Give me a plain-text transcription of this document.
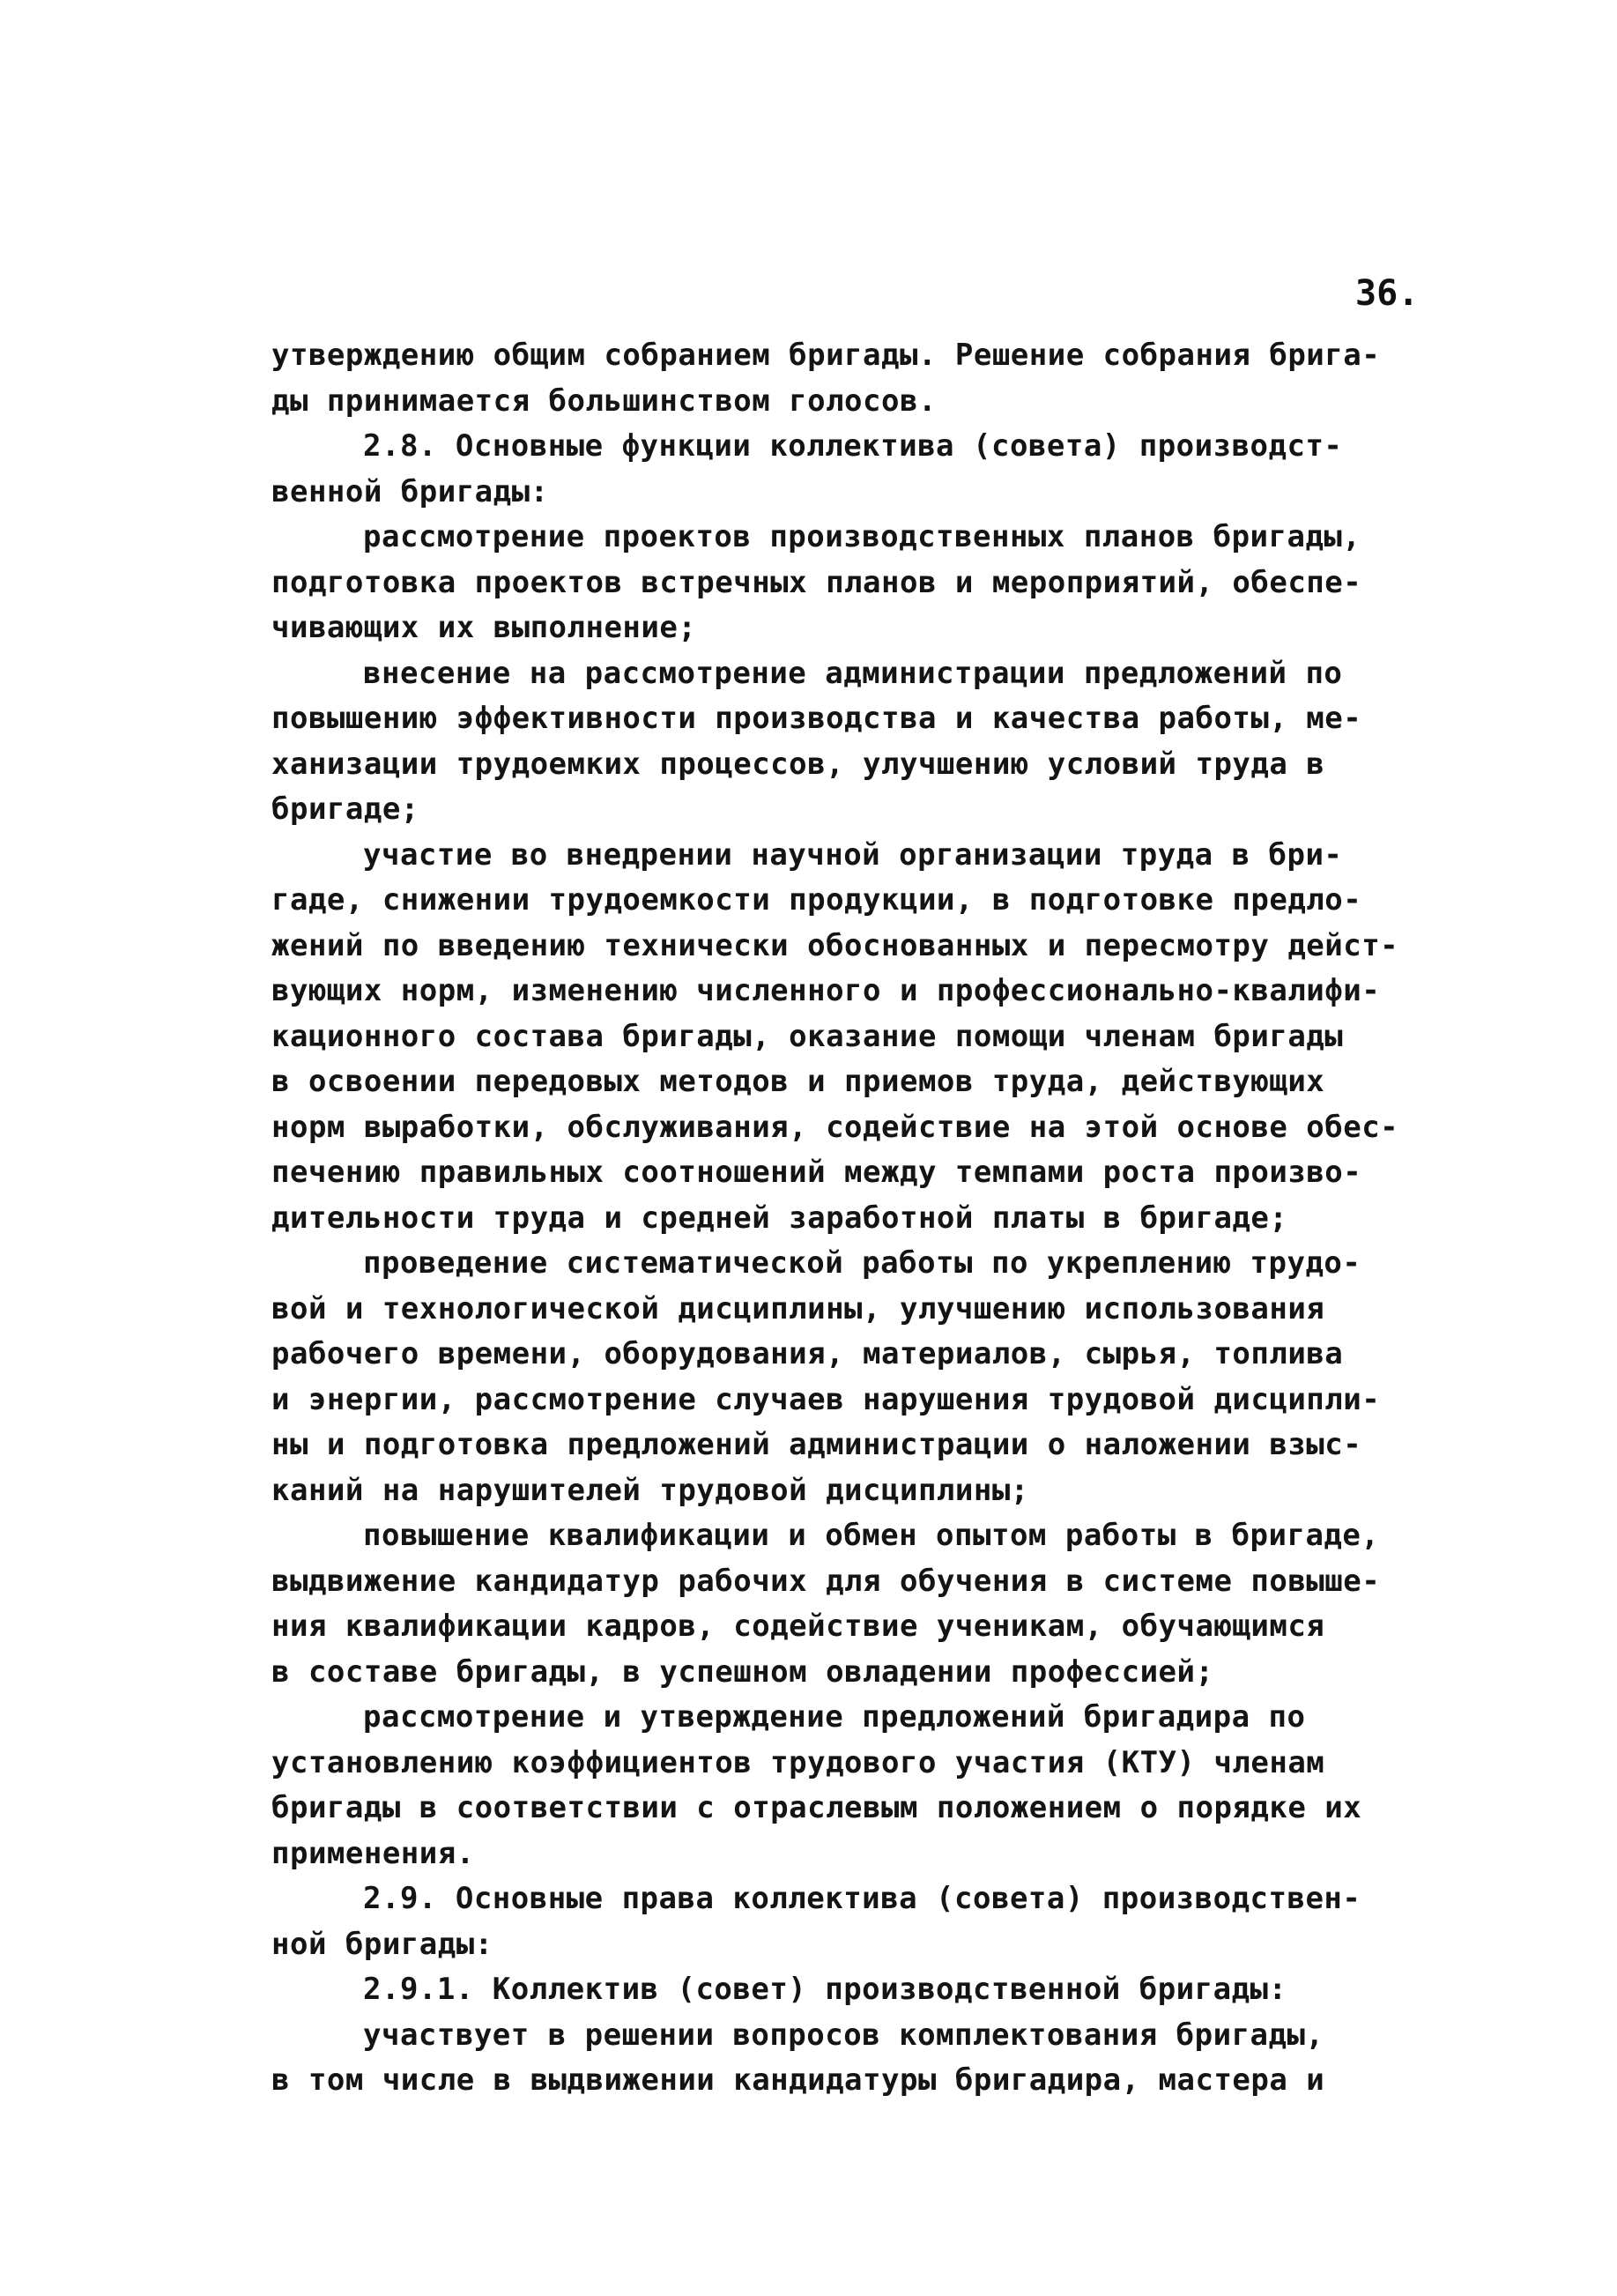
36.
утверждению общим собранием бригады. Решение собрания брига-
ды принимается большинством голосов.
2.8. Основные функции коллектива (совета) производст-
венной бригады:
рассмотрение проектов производственных планов бригады,
подготовка проектов встречных планов и мероприятий, обеспе-
чивающих их выполнение;
внесение на рассмотрение администрации предложений по
повышению эффективности производства и качества работы, ме-
ханизации трудоемких процессов, улучшению условий труда в
бригаде;
участие во внедрении научной организации труда в бри-
гаде, снижении трудоемкости продукции, в подготовке предло-
жений по введению технически обоснованных и пересмотру дейст-
вующих норм, изменению численного и профессионально-квалифи-
кационного состава бригады, оказание помощи членам бригады
в освоении передовых методов и приемов труда, действующих
норм выработки, обслуживания, содействие на этой основе обес-
печению правильных соотношений между темпами роста произво-
дительности труда и средней заработной платы в бригаде;
проведение систематической работы по укреплению трудо-
вой и технологической дисциплины, улучшению использования
рабочего времени, оборудования, материалов, сырья, топлива
и энергии, рассмотрение случаев нарушения трудовой дисципли-
ны и подготовка предложений администрации о наложении взыс-
каний на нарушителей трудовой дисциплины;
повышение квалификации и обмен опытом работы в бригаде,
выдвижение кандидатур рабочих для обучения в системе повыше-
ния квалификации кадров, содействие ученикам, обучающимся
в составе бригады, в успешном овладении профессией;
рассмотрение и утверждение предложений бригадира по
установлению коэффициентов трудового участия (КТУ) членам
бригады в соответствии с отраслевым положением о порядке их
применения.
2.9. Основные права коллектива (совета) производствен-
ной бригады:
2.9.1. Коллектив (совет) производственной бригады:
участвует в решении вопросов комплектования бригады,
в том числе в выдвижении кандидатуры бригадира, мастера и
